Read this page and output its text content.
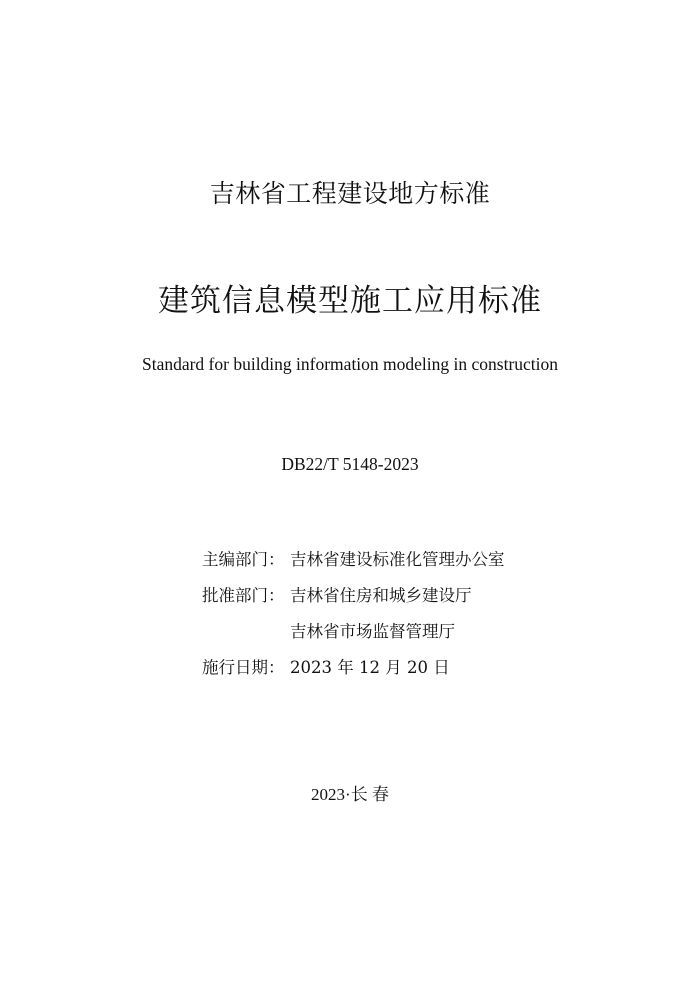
吉林省工程建设地方标准
建筑信息模型施工应用标准
Standard for building information modeling in construction
DB22/T 5148-2023
主编部门： 吉林省建设标准化管理办公室
批准部门： 吉林省住房和城乡建设厅
吉林省市场监督管理厅
施行日期： 2023 年 12 月 20 日
2023·长 春
